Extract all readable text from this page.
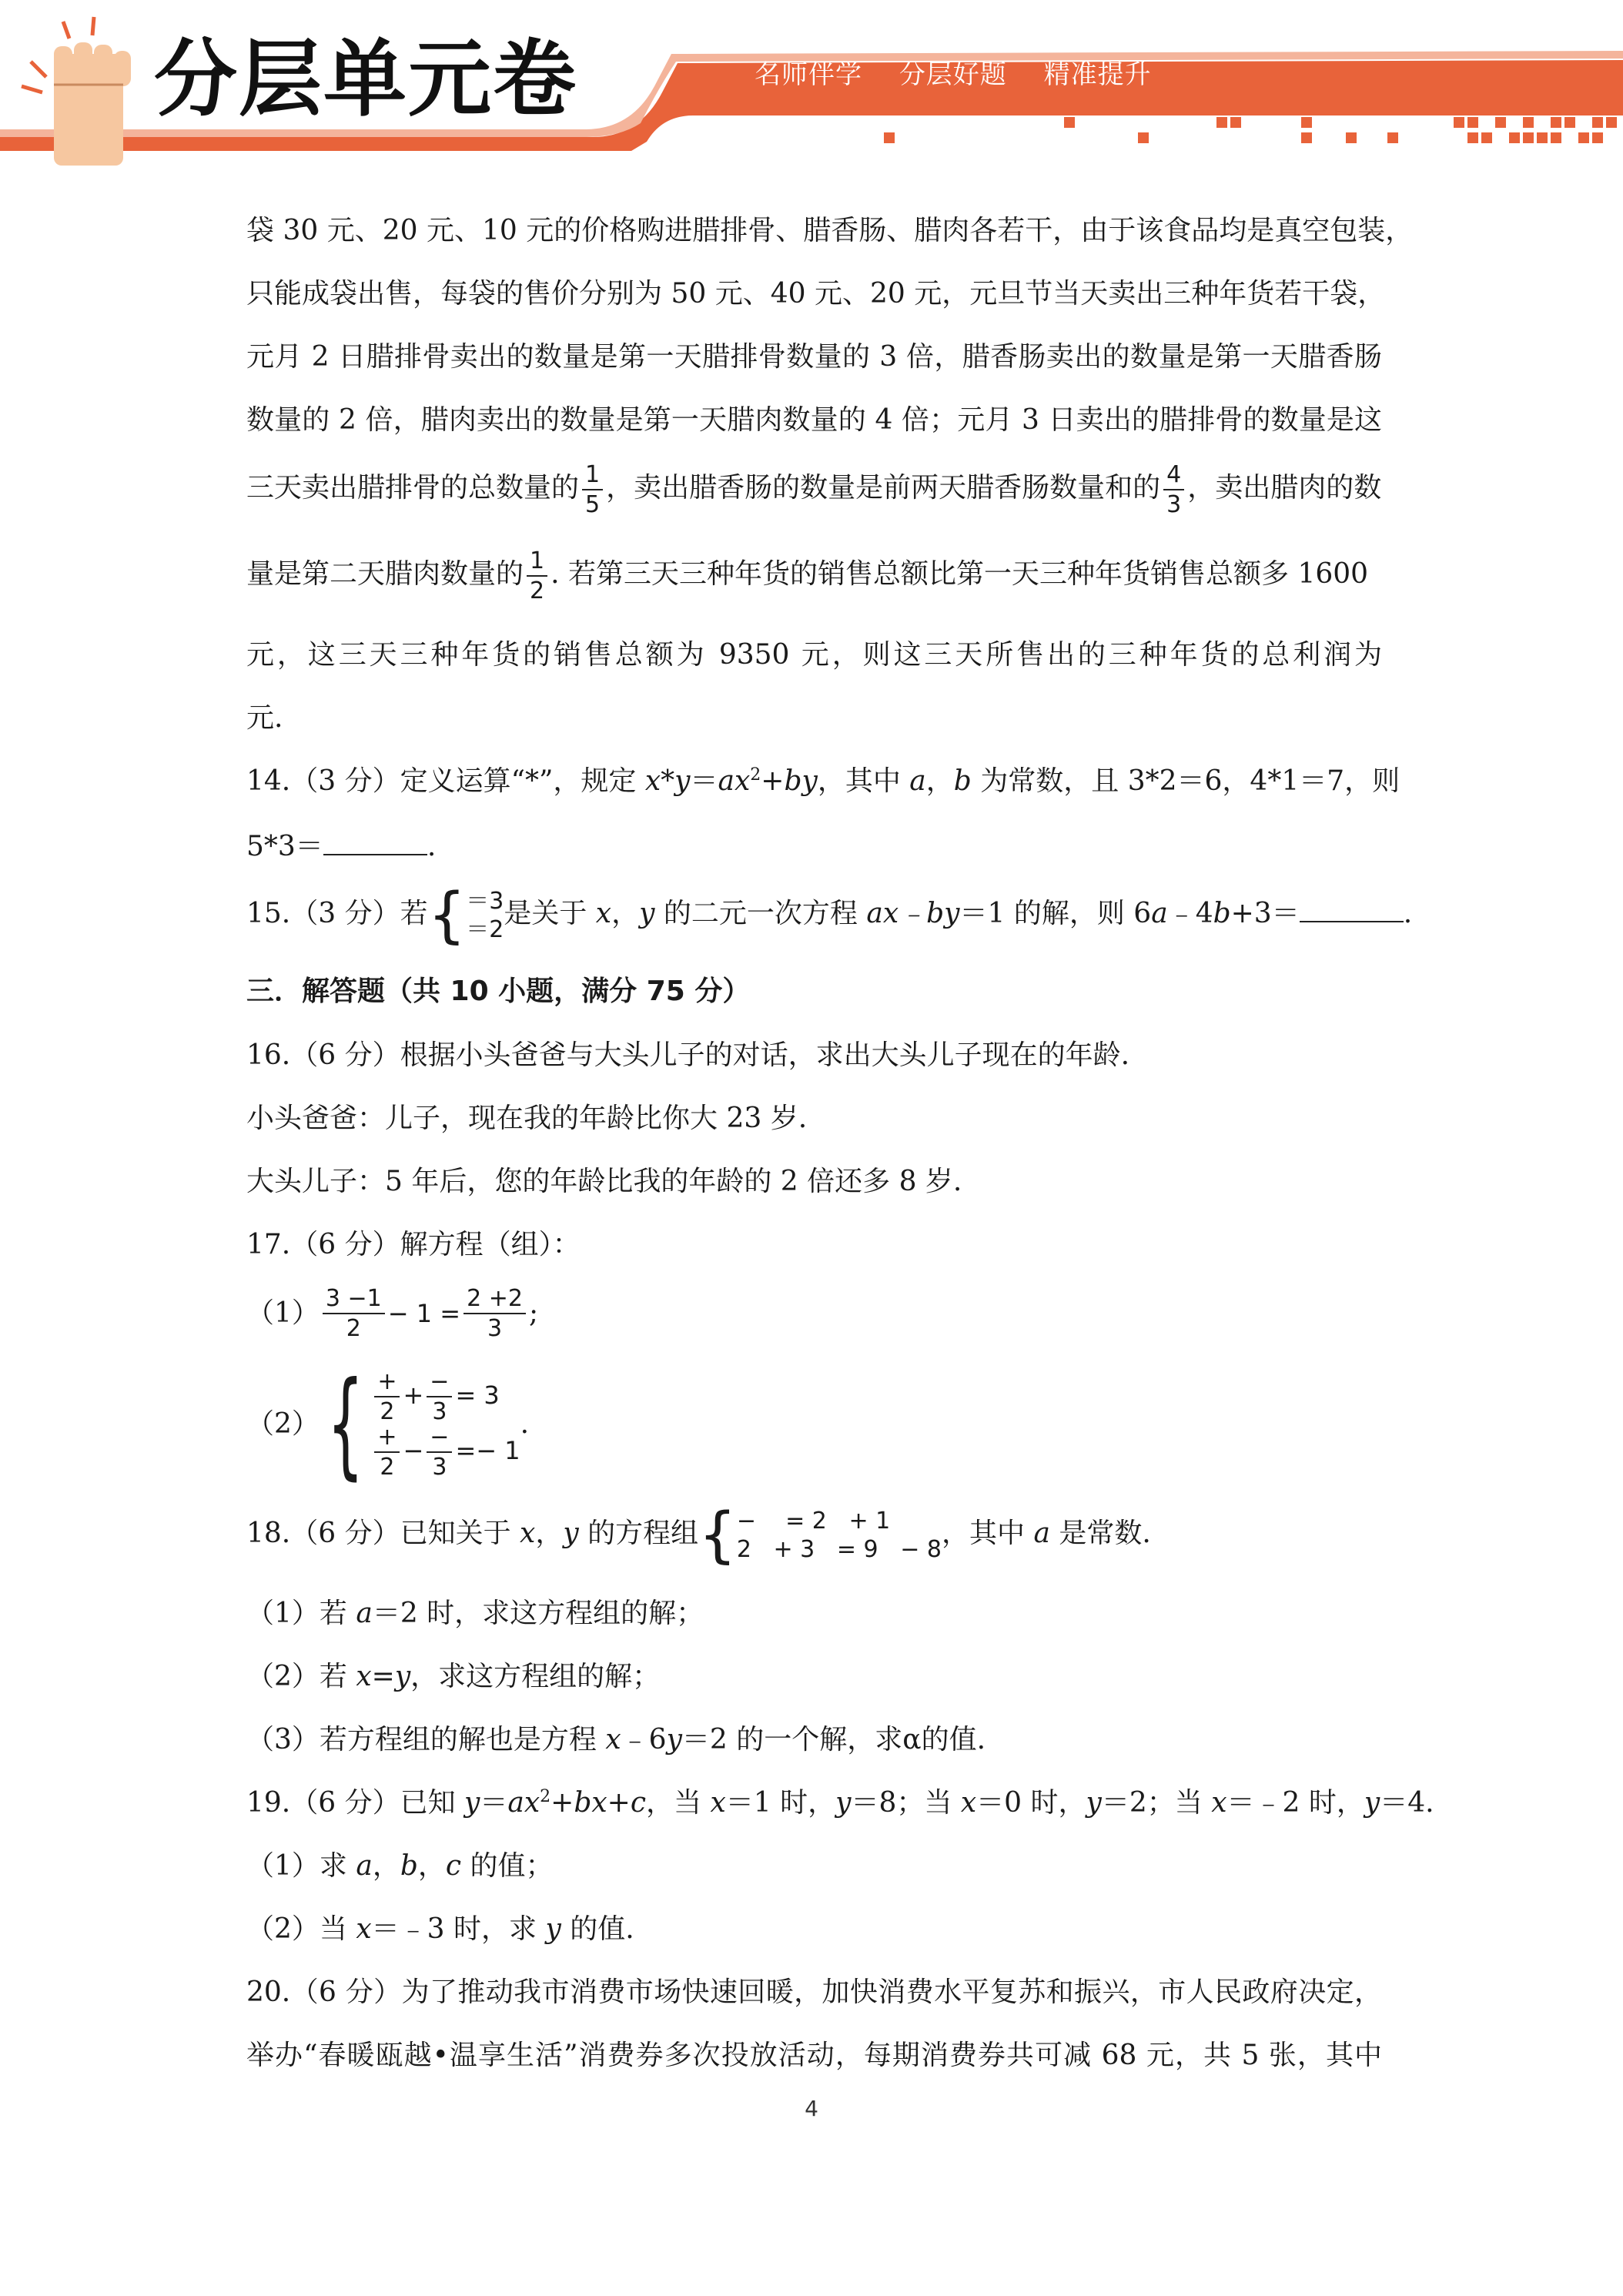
分层单元卷	名师伴学 分层好题 精准提升
袋 30 元、20 元、10 元的价格购进腊排骨、腊香肠、腊肉各若干，由于该食品均是真空包装，
只能成袋出售，每袋的售价分别为 50 元、40 元、20 元，元旦节当天卖出三种年货若干袋，
元月 2 日腊排骨卖出的数量是第一天腊排骨数量的 3 倍，腊香肠卖出的数量是第一天腊香肠
数量的 2 倍，腊肉卖出的数量是第一天腊肉数量的 4 倍；元月 3 日卖出的腊排骨的数量是这
三天卖出腊排骨的总数量的 $\frac{1}{5}$ ，卖出腊香肠的数量是前两天腊香肠数量和的 $\frac{4}{3}$ ，卖出腊肉的数
量是第二天腊肉数量的 $\frac{1}{2}$ . 若第三天三种年货的销售总额比第一天三种年货销售总额多 1600
元，这三天三种年货的销售总额为 9350 元，则这三天所售出的三种年货的总利润为
元.
14.（3 分）定义运算“*”，规定 $x*y=ax^2+by$，其中 a，b 为常数，且 3*2＝6，4*1＝7，则
5*3＝	.
15.（3 分）若{ ＝3
＝2
是关于 x，y 的二元一次方程 ax﹣by＝1 的解，则 6a﹣4b+3＝	.
三．解答题（共 10 小题，满分 75 分）
16.（6 分）根据小头爸爸与大头儿子的对话，求出大头儿子现在的年龄.
小头爸爸：儿子，现在我的年龄比你大 23 岁.
大头儿子：5 年后，您的年龄比我的年龄的 2 倍还多 8 岁.
17.（6 分）解方程（组）：
$(1) \frac{3 -1}{2} - 1 = \frac{2 +2}{3}$ ;
$(2)\{ \frac{+}{2} + \frac{-}{3} = 3$
$\frac{+}{2} - \frac{-}{3} =- 1$
.
18.（6 分）已知关于 x，y 的方程组{ −    = 2   + 1
2   + 3   = 9   − 8
，其中 a 是常数.
（1）若 a＝2 时，求这方程组的解；
（2）若 x=y，求这方程组的解；
（3）若方程组的解也是方程 x﹣6y＝2 的一个解，求α的值.
19.（6 分）已知 $y=ax^2+bx+c$，当 x＝1 时，y＝8；当 x＝0 时，y＝2；当 x＝﹣2 时，y＝4.
（1）求 a，b，c 的值；
（2）当 x＝﹣3 时，求 y 的值.
20.（6 分）为了推动我市消费市场快速回暖，加快消费水平复苏和振兴，市人民政府决定，
举办“春暖瓯越•温享生活”消费券多次投放活动，每期消费券共可减 68 元，共 5 张，其中
4
